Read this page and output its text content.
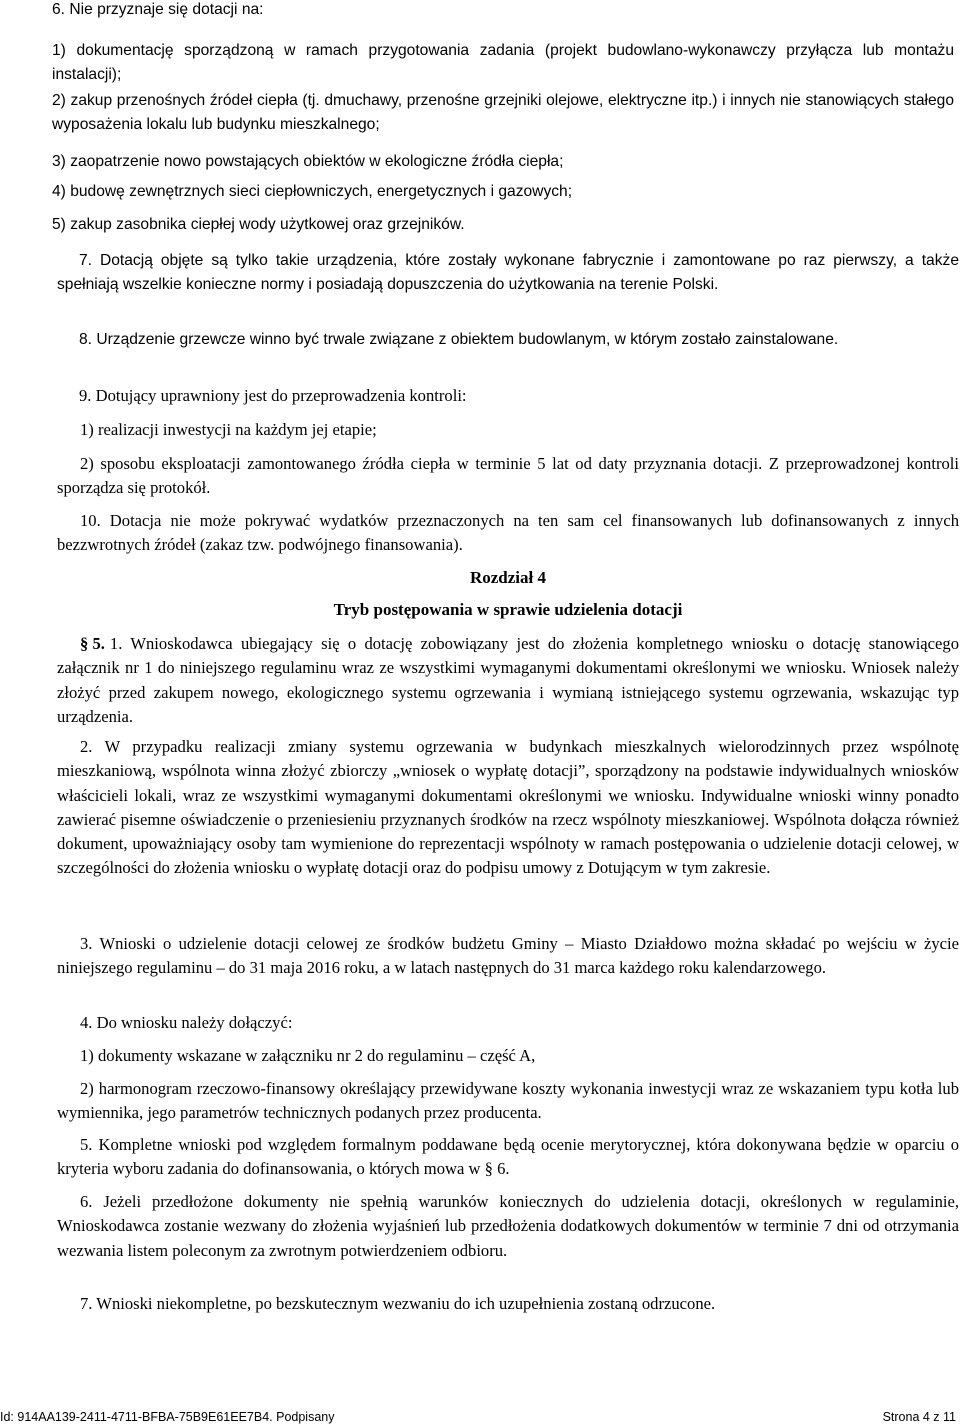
6. Nie przyznaje się dotacji na:

1) dokumentację sporządzoną w ramach przygotowania zadania (projekt budowlano-wykonawczy przyłącza lub montażu instalacji);

2) zakup przenośnych źródeł ciepła (tj. dmuchawy, przenośne grzejniki olejowe, elektryczne itp.) i innych nie stanowiących stałego wyposażenia lokalu lub budynku mieszkalnego;

3) zaopatrzenie nowo powstających obiektów w ekologiczne źródła ciepła;

4) budowę zewnętrznych sieci ciepłowniczych, energetycznych i gazowych;

5) zakup zasobnika ciepłej wody użytkowej oraz grzejników.

7. Dotacją objęte są tylko takie urządzenia, które zostały wykonane fabrycznie i zamontowane po raz pierwszy, a także spełniają wszelkie konieczne normy i posiadają dopuszczenia do użytkowania na terenie Polski.

8. Urządzenie grzewcze winno być trwale związane z obiektem budowlanym, w którym zostało zainstalowane.

9. Dotujący uprawniony jest do przeprowadzenia kontroli:

1) realizacji inwestycji na każdym jej etapie;

2) sposobu eksploatacji zamontowanego źródła ciepła w terminie 5 lat od daty przyznania dotacji. Z przeprowadzonej kontroli sporządza się protokół.

10. Dotacja nie może pokrywać wydatków przeznaczonych na ten sam cel finansowanych lub dofinansowanych z innych bezzwrotnych źródeł (zakaz tzw. podwójnego finansowania).

Rozdział 4
Tryb postępowania w sprawie udzielenia dotacji

§ 5. 1. Wnioskodawca ubiegający się o dotację zobowiązany jest do złożenia kompletnego wniosku o dotację stanowiącego załącznik nr 1 do niniejszego regulaminu wraz ze wszystkimi wymaganymi dokumentami określonymi we wniosku. Wniosek należy złożyć przed zakupem nowego, ekologicznego systemu ogrzewania i wymianą istniejącego systemu ogrzewania, wskazując typ urządzenia.

2. W przypadku realizacji zmiany systemu ogrzewania w budynkach mieszkalnych wielorodzinnych przez wspólnotę mieszkaniową, wspólnota winna złożyć zbiorczy „wniosek o wypłatę dotacji”, sporządzony na podstawie indywidualnych wniosków właścicieli lokali, wraz ze wszystkimi wymaganymi dokumentami określonymi we wniosku. Indywidualne wnioski winny ponadto zawierać pisemne oświadczenie o przeniesieniu przyznanych środków na rzecz wspólnoty mieszkaniowej. Wspólnota dołącza również dokument, upoważniający osoby tam wymienione do reprezentacji wspólnoty w ramach postępowania o udzielenie dotacji celowej, w szczególności do złożenia wniosku o wypłatę dotacji oraz do podpisu umowy z Dotującym w tym zakresie.

3. Wnioski o udzielenie dotacji celowej ze środków budżetu Gminy – Miasto Działdowo można składać po wejściu w życie niniejszego regulaminu – do 31 maja 2016 roku, a w latach następnych do 31 marca każdego roku kalendarzowego.

4. Do wniosku należy dołączyć:

1) dokumenty wskazane w załączniku nr 2 do regulaminu – część A,

2) harmonogram rzeczowo-finansowy określający przewidywane koszty wykonania inwestycji wraz ze wskazaniem typu kotła lub wymiennika, jego parametrów technicznych podanych przez producenta.

5. Kompletne wnioski pod względem formalnym poddawane będą ocenie merytorycznej, która dokonywana będzie w oparciu o kryteria wyboru zadania do dofinansowania, o których mowa w § 6.

6. Jeżeli przedłożone dokumenty nie spełnią warunków koniecznych do udzielenia dotacji, określonych w regulaminie, Wnioskodawca zostanie wezwany do złożenia wyjaśnień lub przedłożenia dodatkowych dokumentów w terminie 7 dni od otrzymania wezwania listem poleconym za zwrotnym potwierdzeniem odbioru.

7. Wnioski niekompletne, po bezskutecznym wezwaniu do ich uzupełnienia zostaną odrzucone.

Id: 914AA139-2411-4711-BFBA-75B9E61EE7B4. Podpisany	Strona 4 z 11
